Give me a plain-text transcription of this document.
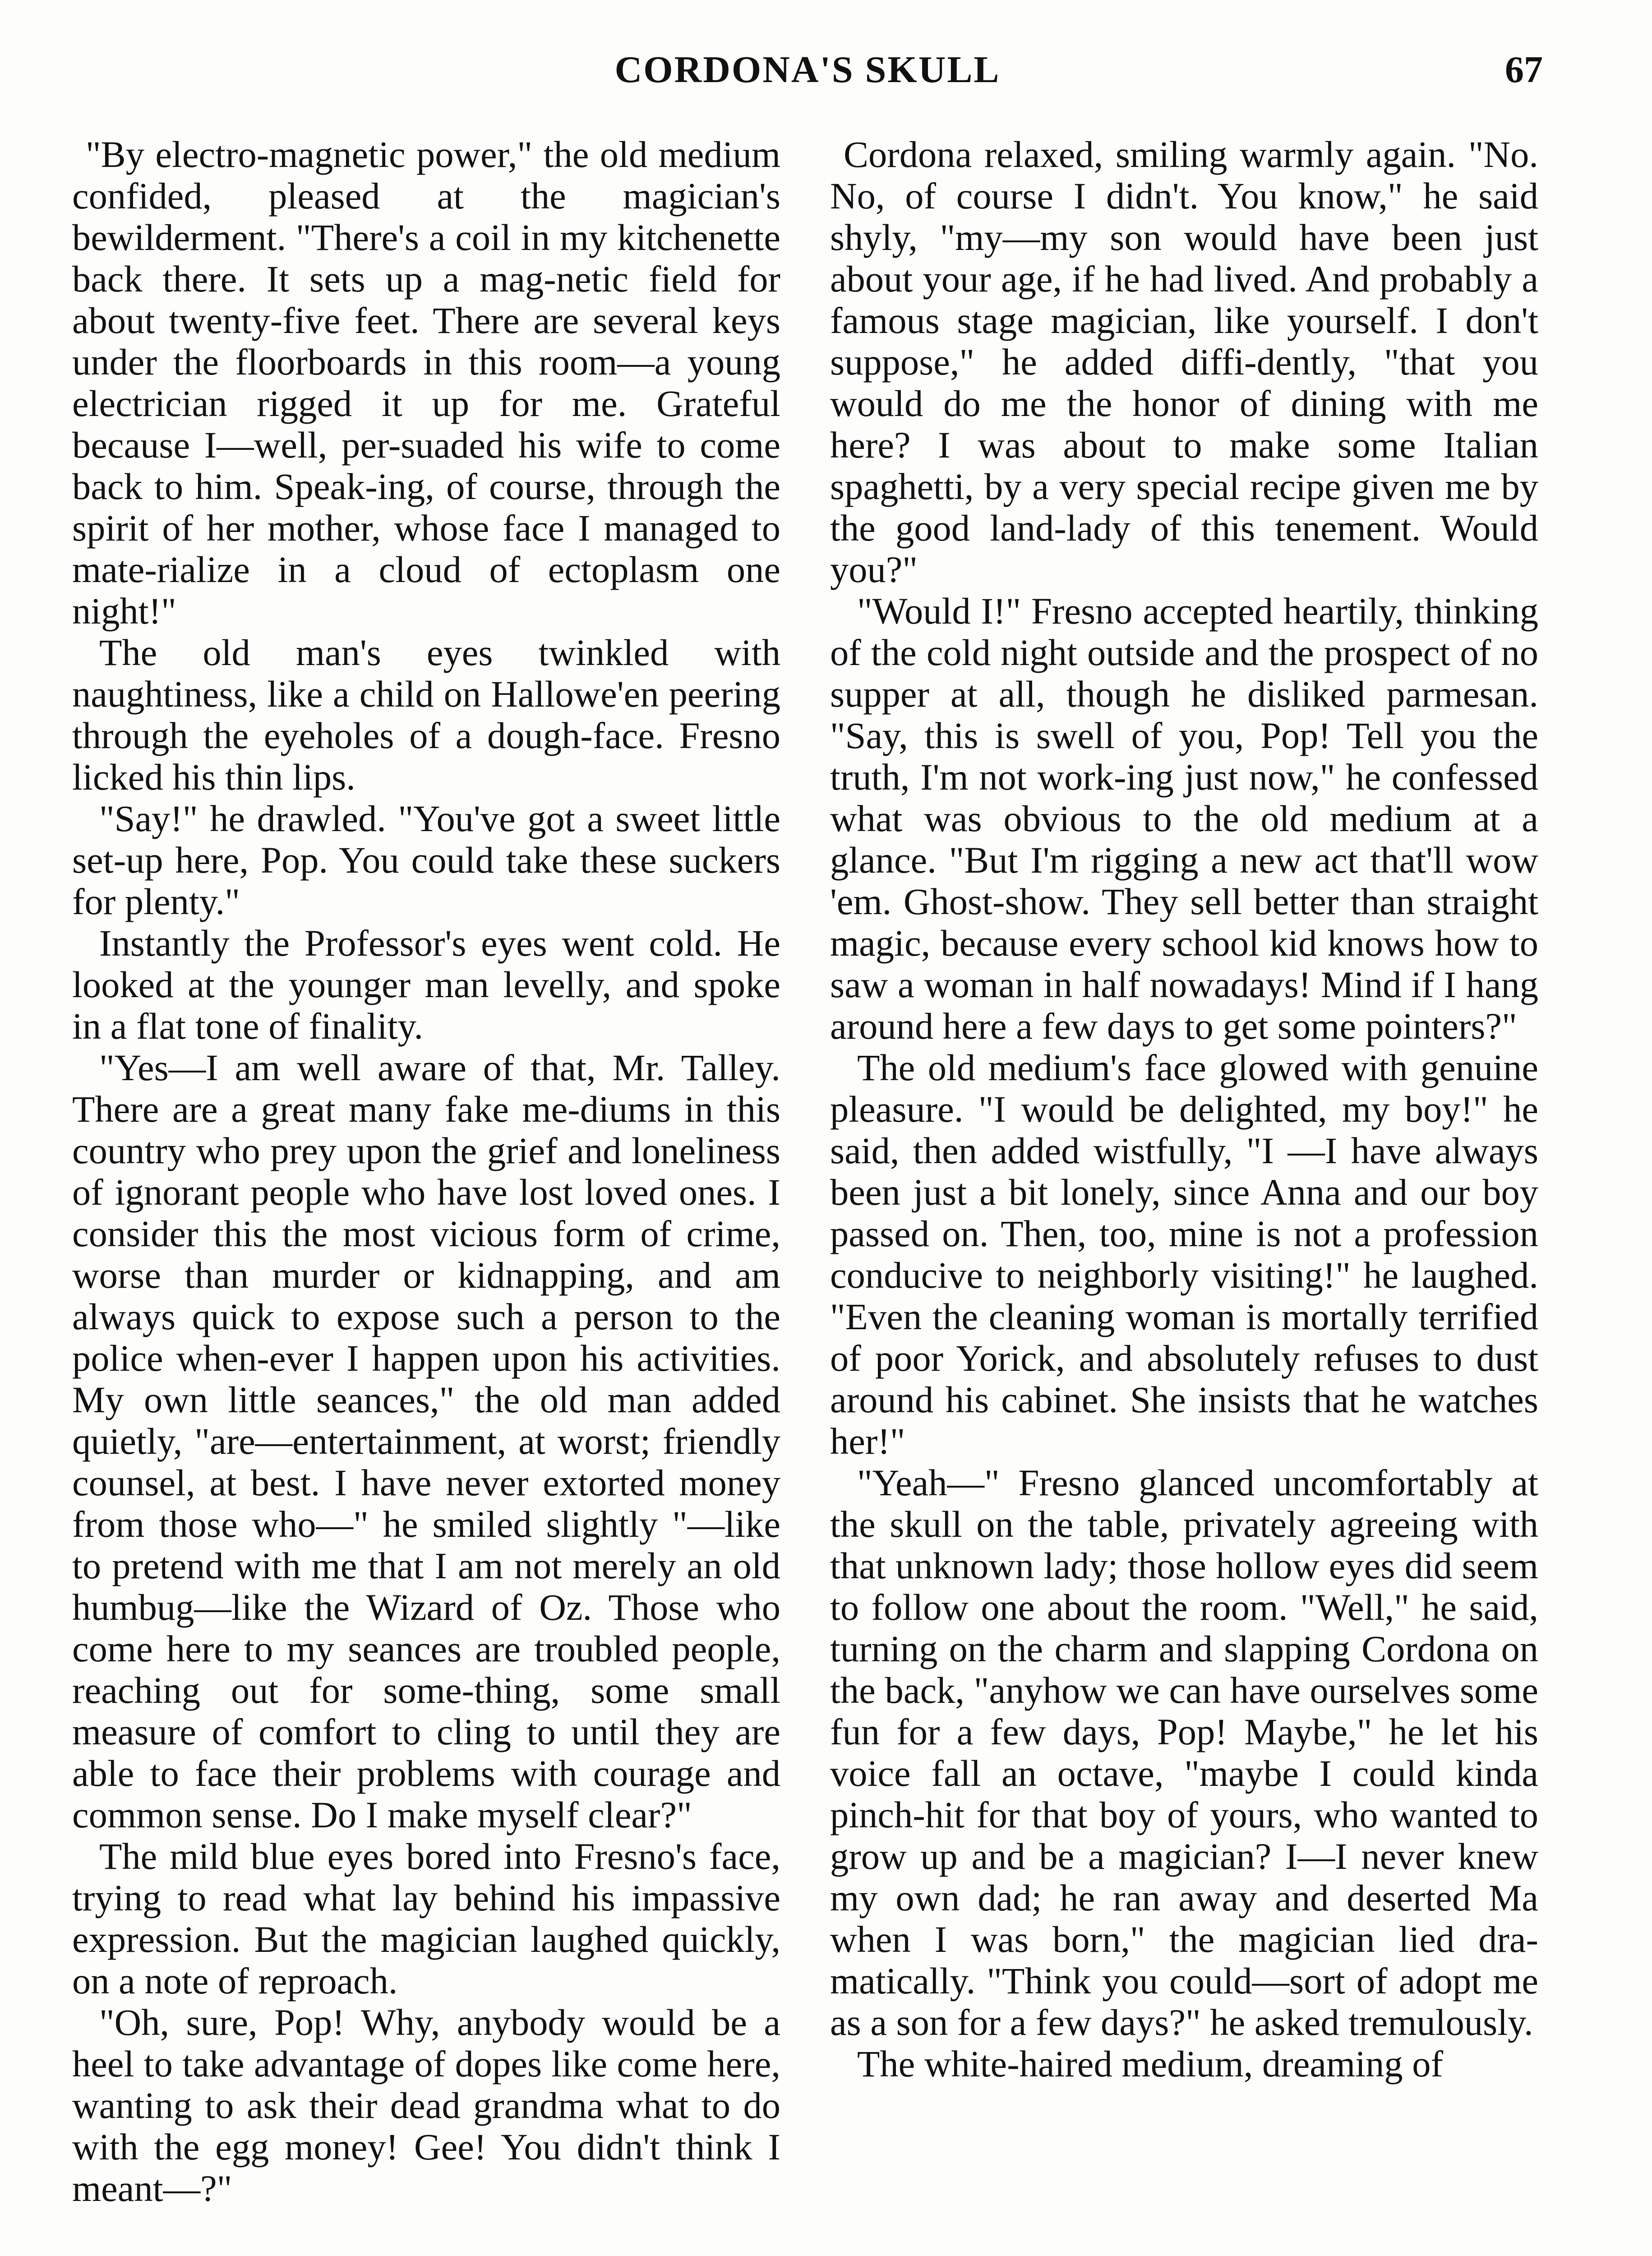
CORDONA'S SKULL	67

"By electro-magnetic power," the old medium confided, pleased at the magician's bewilderment. "There's a coil in my kitchenette back there. It sets up a mag-netic field for about twenty-five feet. There are several keys under the floorboards in this room—a young electrician rigged it up for me. Grateful because I—well, per-suaded his wife to come back to him. Speak-ing, of course, through the spirit of her mother, whose face I managed to mate-rialize in a cloud of ectoplasm one night!"

The old man's eyes twinkled with naughtiness, like a child on Hallowe'en peering through the eyeholes of a dough-face. Fresno licked his thin lips.

"Say!" he drawled. "You've got a sweet little set-up here, Pop. You could take these suckers for plenty."

Instantly the Professor's eyes went cold. He looked at the younger man levelly, and spoke in a flat tone of finality.

"Yes—I am well aware of that, Mr. Talley. There are a great many fake me-diums in this country who prey upon the grief and loneliness of ignorant people who have lost loved ones. I consider this the most vicious form of crime, worse than murder or kidnapping, and am always quick to expose such a person to the police when-ever I happen upon his activities. My own little seances," the old man added quietly, "are—entertainment, at worst; friendly counsel, at best. I have never extorted money from those who—" he smiled slightly "—like to pretend with me that I am not merely an old humbug—like the Wizard of Oz. Those who come here to my seances are troubled people, reaching out for some-thing, some small measure of comfort to cling to until they are able to face their problems with courage and common sense. Do I make myself clear?"

The mild blue eyes bored into Fresno's face, trying to read what lay behind his impassive expression. But the magician laughed quickly, on a note of reproach.

"Oh, sure, Pop! Why, anybody would be a heel to take advantage of dopes like come here, wanting to ask their dead grandma what to do with the egg money! Gee! You didn't think I meant—?"

Cordona relaxed, smiling warmly again. "No. No, of course I didn't. You know," he said shyly, "my—my son would have been just about your age, if he had lived. And probably a famous stage magician, like yourself. I don't suppose," he added diffi-dently, "that you would do me the honor of dining with me here? I was about to make some Italian spaghetti, by a very special recipe given me by the good land-lady of this tenement. Would you?"

"Would I!" Fresno accepted heartily, thinking of the cold night outside and the prospect of no supper at all, though he disliked parmesan. "Say, this is swell of you, Pop! Tell you the truth, I'm not work-ing just now," he confessed what was obvious to the old medium at a glance. "But I'm rigging a new act that'll wow 'em. Ghost-show. They sell better than straight magic, because every school kid knows how to saw a woman in half nowadays! Mind if I hang around here a few days to get some pointers?"

The old medium's face glowed with genuine pleasure. "I would be delighted, my boy!" he said, then added wistfully, "I —I have always been just a bit lonely, since Anna and our boy passed on. Then, too, mine is not a profession conducive to neighborly visiting!" he laughed. "Even the cleaning woman is mortally terrified of poor Yorick, and absolutely refuses to dust around his cabinet. She insists that he watches her!"

"Yeah—" Fresno glanced uncomfortably at the skull on the table, privately agreeing with that unknown lady; those hollow eyes did seem to follow one about the room. "Well," he said, turning on the charm and slapping Cordona on the back, "anyhow we can have ourselves some fun for a few days, Pop! Maybe," he let his voice fall an octave, "maybe I could kinda pinch-hit for that boy of yours, who wanted to grow up and be a magician? I—I never knew my own dad; he ran away and deserted Ma when I was born," the magician lied dra-matically. "Think you could—sort of adopt me as a son for a few days?" he asked tremulously.

The white-haired medium, dreaming of
